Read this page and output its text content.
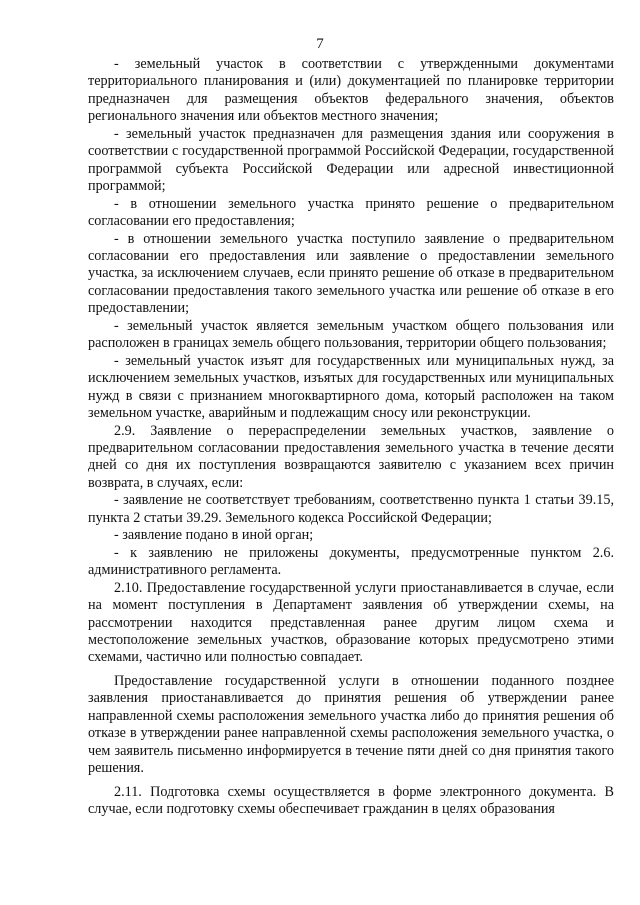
7

- земельный участок в соответствии с утвержденными документами территориального планирования и (или) документацией по планировке территории предназначен для размещения объектов федерального значения, объектов регионального значения или объектов местного значения;

- земельный участок предназначен для размещения здания или сооружения в соответствии с государственной программой Российской Федерации, государственной программой субъекта Российской Федерации или адресной инвестиционной программой;

- в отношении земельного участка принято решение о предварительном согласовании его предоставления;

- в отношении земельного участка поступило заявление о предварительном согласовании его предоставления или заявление о предоставлении земельного участка, за исключением случаев, если принято решение об отказе в предварительном согласовании предоставления такого земельного участка или решение об отказе в его предоставлении;

- земельный участок является земельным участком общего пользования или расположен в границах земель общего пользования, территории общего пользования;

- земельный участок изъят для государственных или муниципальных нужд, за исключением земельных участков, изъятых для государственных или муниципальных нужд в связи с признанием многоквартирного дома, который расположен на таком земельном участке, аварийным и подлежащим сносу или реконструкции.

2.9. Заявление о перераспределении земельных участков, заявление о предварительном согласовании предоставления земельного участка в течение десяти дней со дня их поступления возвращаются заявителю с указанием всех причин возврата, в случаях, если:

- заявление не соответствует требованиям, соответственно пункта 1 статьи 39.15, пункта 2 статьи 39.29. Земельного кодекса Российской Федерации;

- заявление подано в иной орган;

- к заявлению не приложены документы, предусмотренные пунктом 2.6. административного регламента.

2.10. Предоставление государственной услуги приостанавливается в случае, если на момент поступления в Департамент заявления об утверждении схемы, на рассмотрении находится представленная ранее другим лицом схема и местоположение земельных участков, образование которых предусмотрено этими схемами, частично или полностью совпадает.

Предоставление государственной услуги в отношении поданного позднее заявления приостанавливается до принятия решения об утверждении ранее направленной схемы расположения земельного участка либо до принятия решения об отказе в утверждении ранее направленной схемы расположения земельного участка, о чем заявитель письменно информируется в течение пяти дней со дня принятия такого решения.

2.11. Подготовка схемы осуществляется в форме электронного документа. В случае, если подготовку схемы обеспечивает гражданин в целях образования
